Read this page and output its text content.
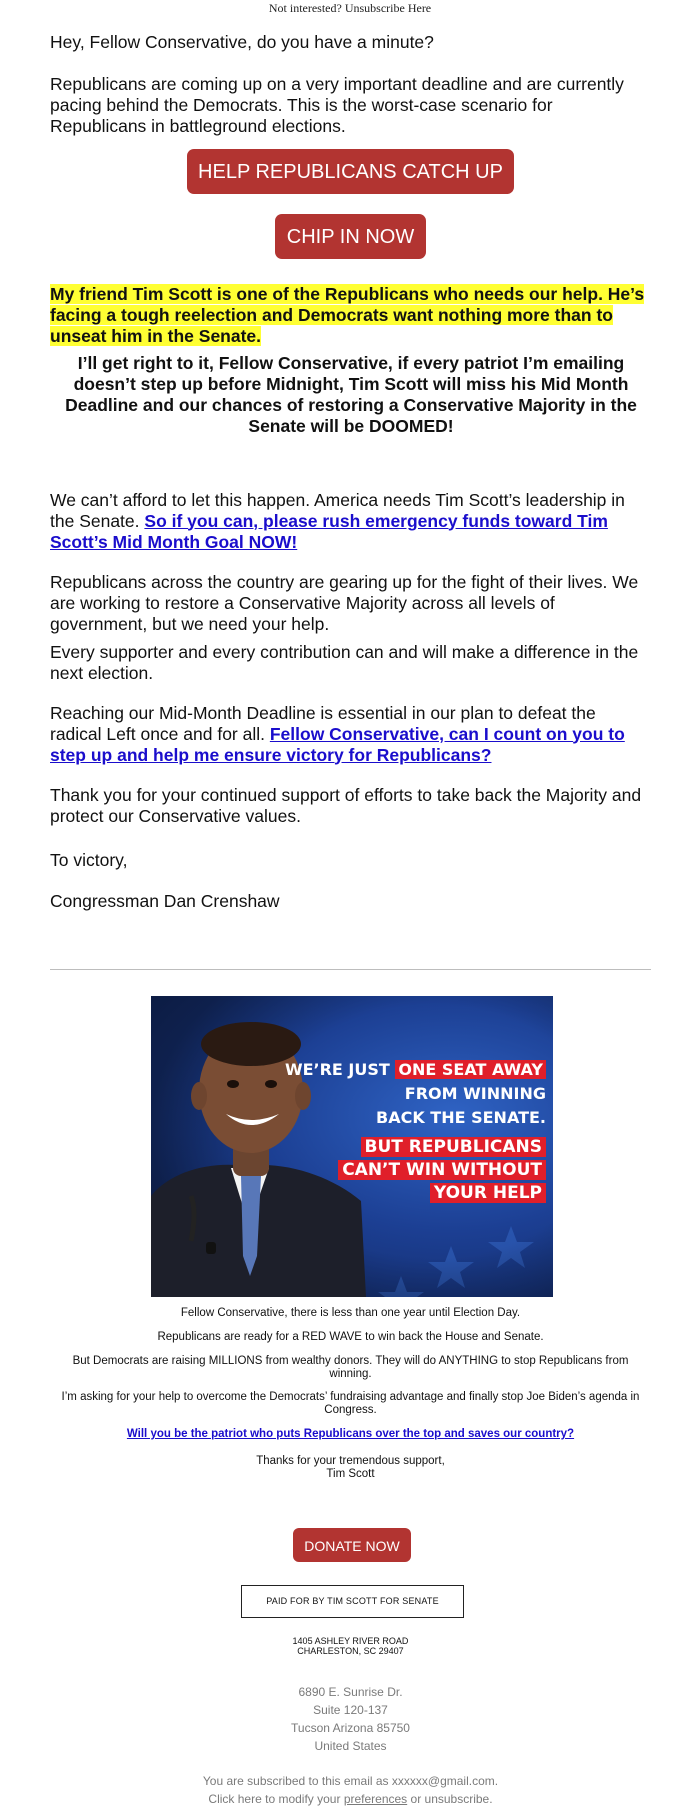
Not interested? Unsubscribe Here

Hey, Fellow Conservative, do you have a minute?

Republicans are coming up on a very important deadline and are currently pacing behind the Democrats. This is the worst-case scenario for Republicans in battleground elections.

HELP REPUBLICANS CATCH UP
CHIP IN NOW

My friend Tim Scott is one of the Republicans who needs our help. He’s facing a tough reelection and Democrats want nothing more than to unseat him in the Senate.

I’ll get right to it, Fellow Conservative, if every patriot I’m emailing doesn’t step up before Midnight, Tim Scott will miss his Mid Month Deadline and our chances of restoring a Conservative Majority in the Senate will be DOOMED!

We can’t afford to let this happen. America needs Tim Scott’s leadership in the Senate. So if you can, please rush emergency funds toward Tim Scott’s Mid Month Goal NOW!

Republicans across the country are gearing up for the fight of their lives. We are working to restore a Conservative Majority across all levels of government, but we need your help.

Every supporter and every contribution can and will make a difference in the next election.

Reaching our Mid-Month Deadline is essential in our plan to defeat the radical Left once and for all. Fellow Conservative, can I count on you to step up and help me ensure victory for Republicans?

Thank you for your continued support of efforts to take back the Majority and protect our Conservative values.

To victory,

Congressman Dan Crenshaw

WE’RE JUST ONE SEAT AWAY
FROM WINNING
BACK THE SENATE.
BUT REPUBLICANS
CAN’T WIN WITHOUT
YOUR HELP
Fellow Conservative, there is less than one year until Election Day.
Republicans are ready for a RED WAVE to win back the House and Senate.
But Democrats are raising MILLIONS from wealthy donors. They will do ANYTHING to stop Republicans from winning.
I’m asking for your help to overcome the Democrats’ fundraising advantage and finally stop Joe Biden’s agenda in Congress.
Will you be the patriot who puts Republicans over the top and saves our country?
Thanks for your tremendous support,
Tim Scott
DONATE NOW
PAID FOR BY TIM SCOTT FOR SENATE
1405 ASHLEY RIVER ROAD
CHARLESTON, SC 29407
6890 E. Sunrise Dr.
Suite 120-137
Tucson Arizona 85750
United States
You are subscribed to this email as xxxxxx@gmail.com.
Click here to modify your preferences or unsubscribe.
